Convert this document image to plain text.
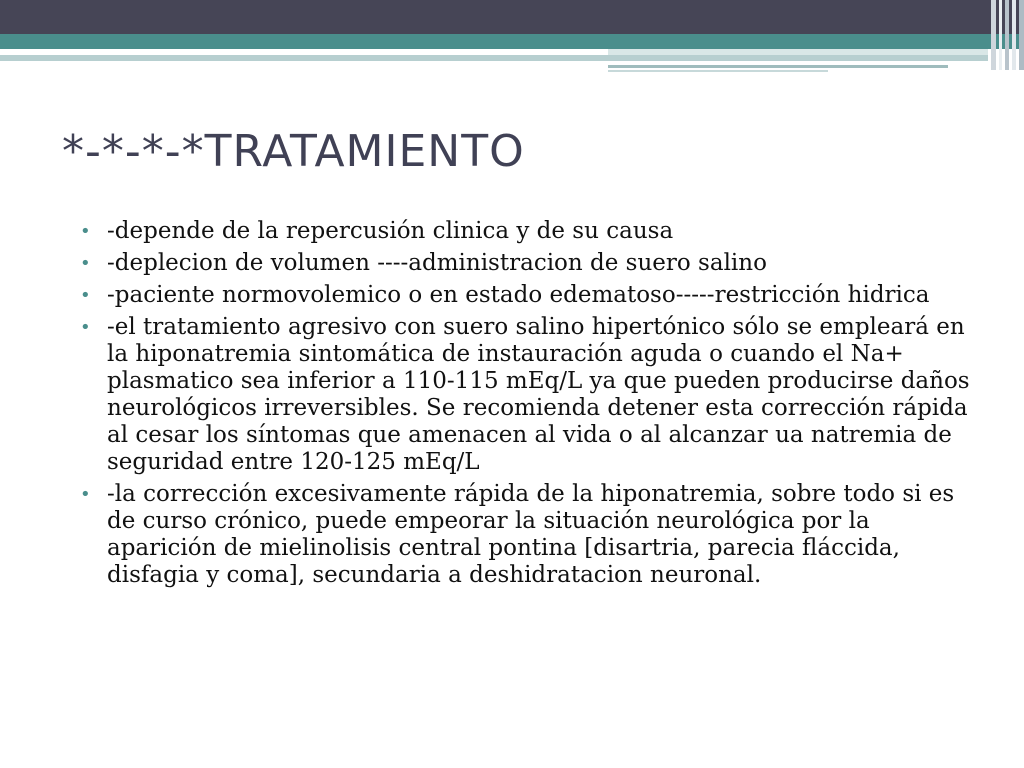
*-*-*-*TRATAMIENTO
• -depende de la repercusión clinica y de su causa
• -deplecion de volumen ----administracion de suero salino
• -paciente normovolemico o en estado edematoso-----restricción hidrica
• -el tratamiento agresivo con suero salino hipertónico sólo se empleará en la hiponatremia sintomática de instauración aguda o cuando el Na+ plasmatico sea inferior a 110-115 mEq/L ya que pueden producirse daños neurológicos irreversibles. Se recomienda detener esta corrección rápida al cesar los síntomas que amenacen al vida o al alcanzar ua natremia de seguridad entre 120-125 mEq/L
• -la corrección excesivamente rápida de la hiponatremia, sobre todo si es de curso crónico, puede empeorar la situación neurológica por la aparición de mielinolisis central pontina [disartria, parecia fláccida, disfagia y coma], secundaria a deshidratacion neuronal.
